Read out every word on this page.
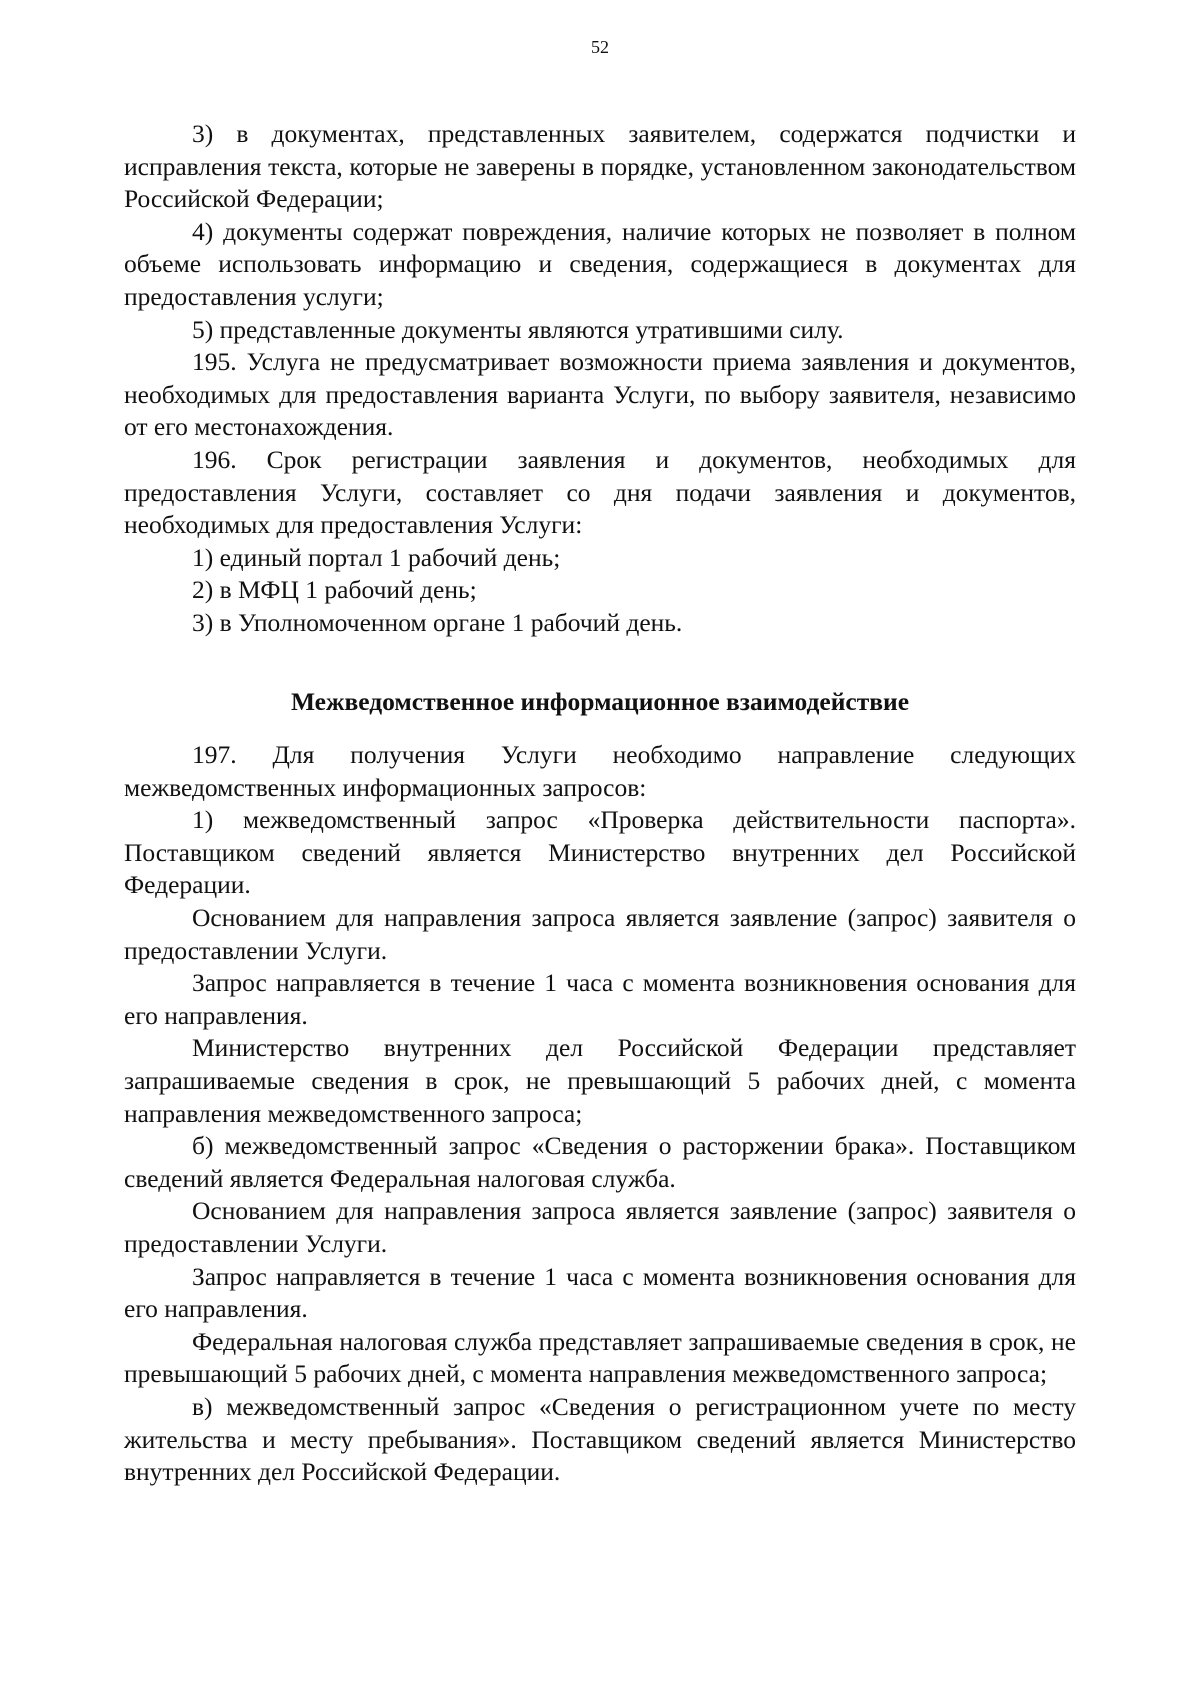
52

3) в документах, представленных заявителем, содержатся подчистки и исправления текста, которые не заверены в порядке, установленном законодательством Российской Федерации;

4) документы содержат повреждения, наличие которых не позволяет в полном объеме использовать информацию и сведения, содержащиеся в документах для предоставления услуги;

5) представленные документы являются утратившими силу.

195. Услуга не предусматривает возможности приема заявления и документов, необходимых для предоставления варианта Услуги, по выбору заявителя, независимо от его местонахождения.

196. Срок регистрации заявления и документов, необходимых для предоставления Услуги, составляет со дня подачи заявления и документов, необходимых для предоставления Услуги:

1) единый портал 1 рабочий день;

2) в МФЦ 1 рабочий день;

3) в Уполномоченном органе 1 рабочий день.

Межведомственное информационное взаимодействие

197. Для получения Услуги необходимо направление следующих межведомственных информационных запросов:

1) межведомственный запрос «Проверка действительности паспорта». Поставщиком сведений является Министерство внутренних дел Российской Федерации.

Основанием для направления запроса является заявление (запрос) заявителя о предоставлении Услуги.

Запрос направляется в течение 1 часа с момента возникновения основания для его направления.

Министерство внутренних дел Российской Федерации представляет запрашиваемые сведения в срок, не превышающий 5 рабочих дней, с момента направления межведомственного запроса;

б) межведомственный запрос «Сведения о расторжении брака». Поставщиком сведений является Федеральная налоговая служба.

Основанием для направления запроса является заявление (запрос) заявителя о предоставлении Услуги.

Запрос направляется в течение 1 часа с момента возникновения основания для его направления.

Федеральная налоговая служба представляет запрашиваемые сведения в срок, не превышающий 5 рабочих дней, с момента направления межведомственного запроса;

в) межведомственный запрос «Сведения о регистрационном учете по месту жительства и месту пребывания». Поставщиком сведений является Министерство внутренних дел Российской Федерации.
